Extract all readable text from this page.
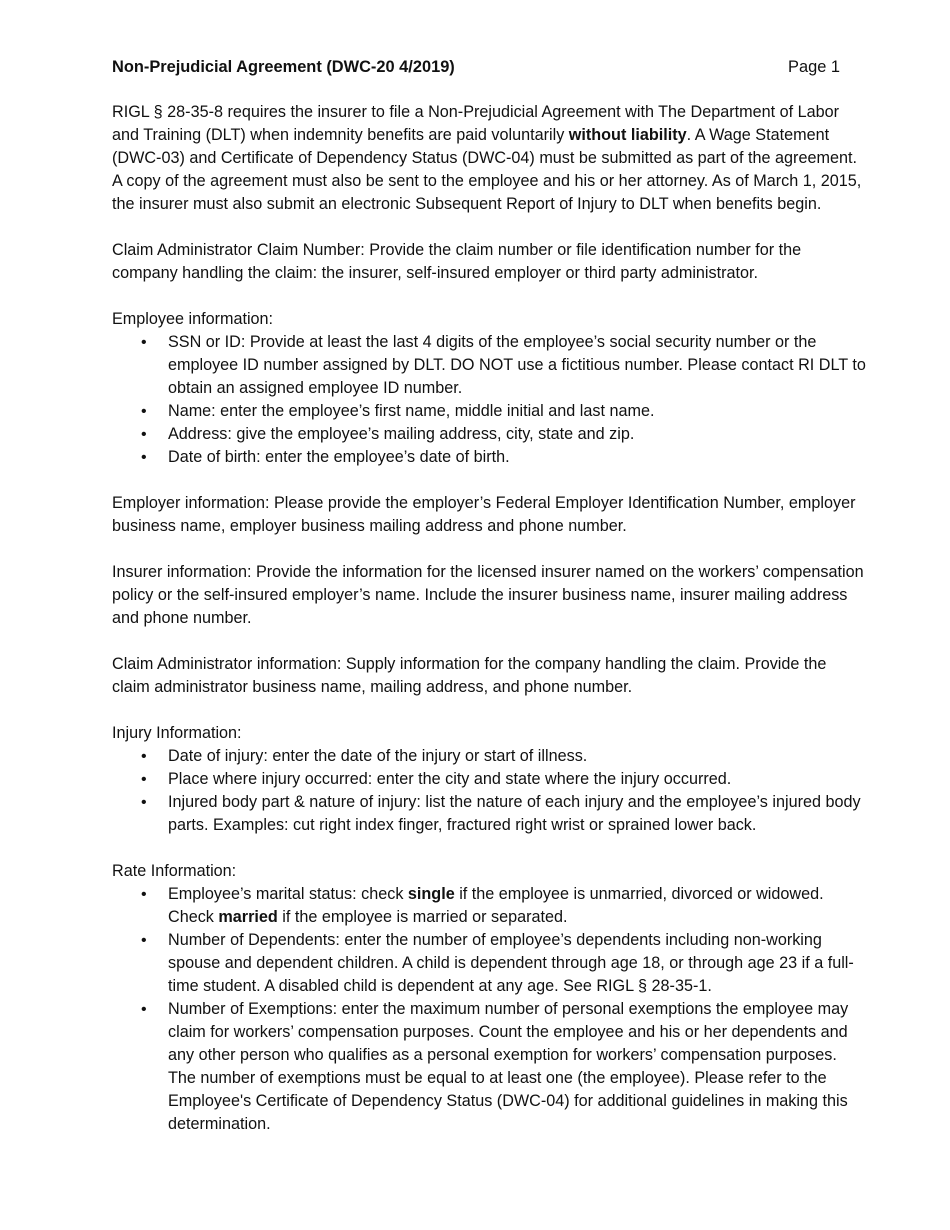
Non-Prejudicial Agreement (DWC-20 4/2019)	Page 1

RIGL § 28-35-8 requires the insurer to file a Non-Prejudicial Agreement with The Department of Labor and Training (DLT) when indemnity benefits are paid voluntarily without liability. A Wage Statement (DWC-03) and Certificate of Dependency Status (DWC-04) must be submitted as part of the agreement. A copy of the agreement must also be sent to the employee and his or her attorney. As of March 1, 2015, the insurer must also submit an electronic Subsequent Report of Injury to DLT when benefits begin.

Claim Administrator Claim Number: Provide the claim number or file identification number for the company handling the claim: the insurer, self-insured employer or third party administrator.

Employee information:

• SSN or ID: Provide at least the last 4 digits of the employee’s social security number or the employee ID number assigned by DLT. DO NOT use a fictitious number. Please contact RI DLT to obtain an assigned employee ID number.
• Name: enter the employee’s first name, middle initial and last name.
• Address: give the employee’s mailing address, city, state and zip.
• Date of birth: enter the employee’s date of birth.

Employer information: Please provide the employer’s Federal Employer Identification Number, employer business name, employer business mailing address and phone number.

Insurer information: Provide the information for the licensed insurer named on the workers’ compensation policy or the self-insured employer’s name. Include the insurer business name, insurer mailing address and phone number.

Claim Administrator information: Supply information for the company handling the claim. Provide the claim administrator business name, mailing address, and phone number.

Injury Information:

• Date of injury: enter the date of the injury or start of illness.
• Place where injury occurred: enter the city and state where the injury occurred.
• Injured body part & nature of injury: list the nature of each injury and the employee’s injured body parts. Examples: cut right index finger, fractured right wrist or sprained lower back.

Rate Information:

• Employee’s marital status: check single if the employee is unmarried, divorced or widowed. Check married if the employee is married or separated.
• Number of Dependents: enter the number of employee’s dependents including non-working spouse and dependent children. A child is dependent through age 18, or through age 23 if a full-time student. A disabled child is dependent at any age. See RIGL § 28-35-1.
• Number of Exemptions: enter the maximum number of personal exemptions the employee may claim for workers’ compensation purposes. Count the employee and his or her dependents and any other person who qualifies as a personal exemption for workers’ compensation purposes. The number of exemptions must be equal to at least one (the employee). Please refer to the Employee's Certificate of Dependency Status (DWC-04) for additional guidelines in making this determination.
